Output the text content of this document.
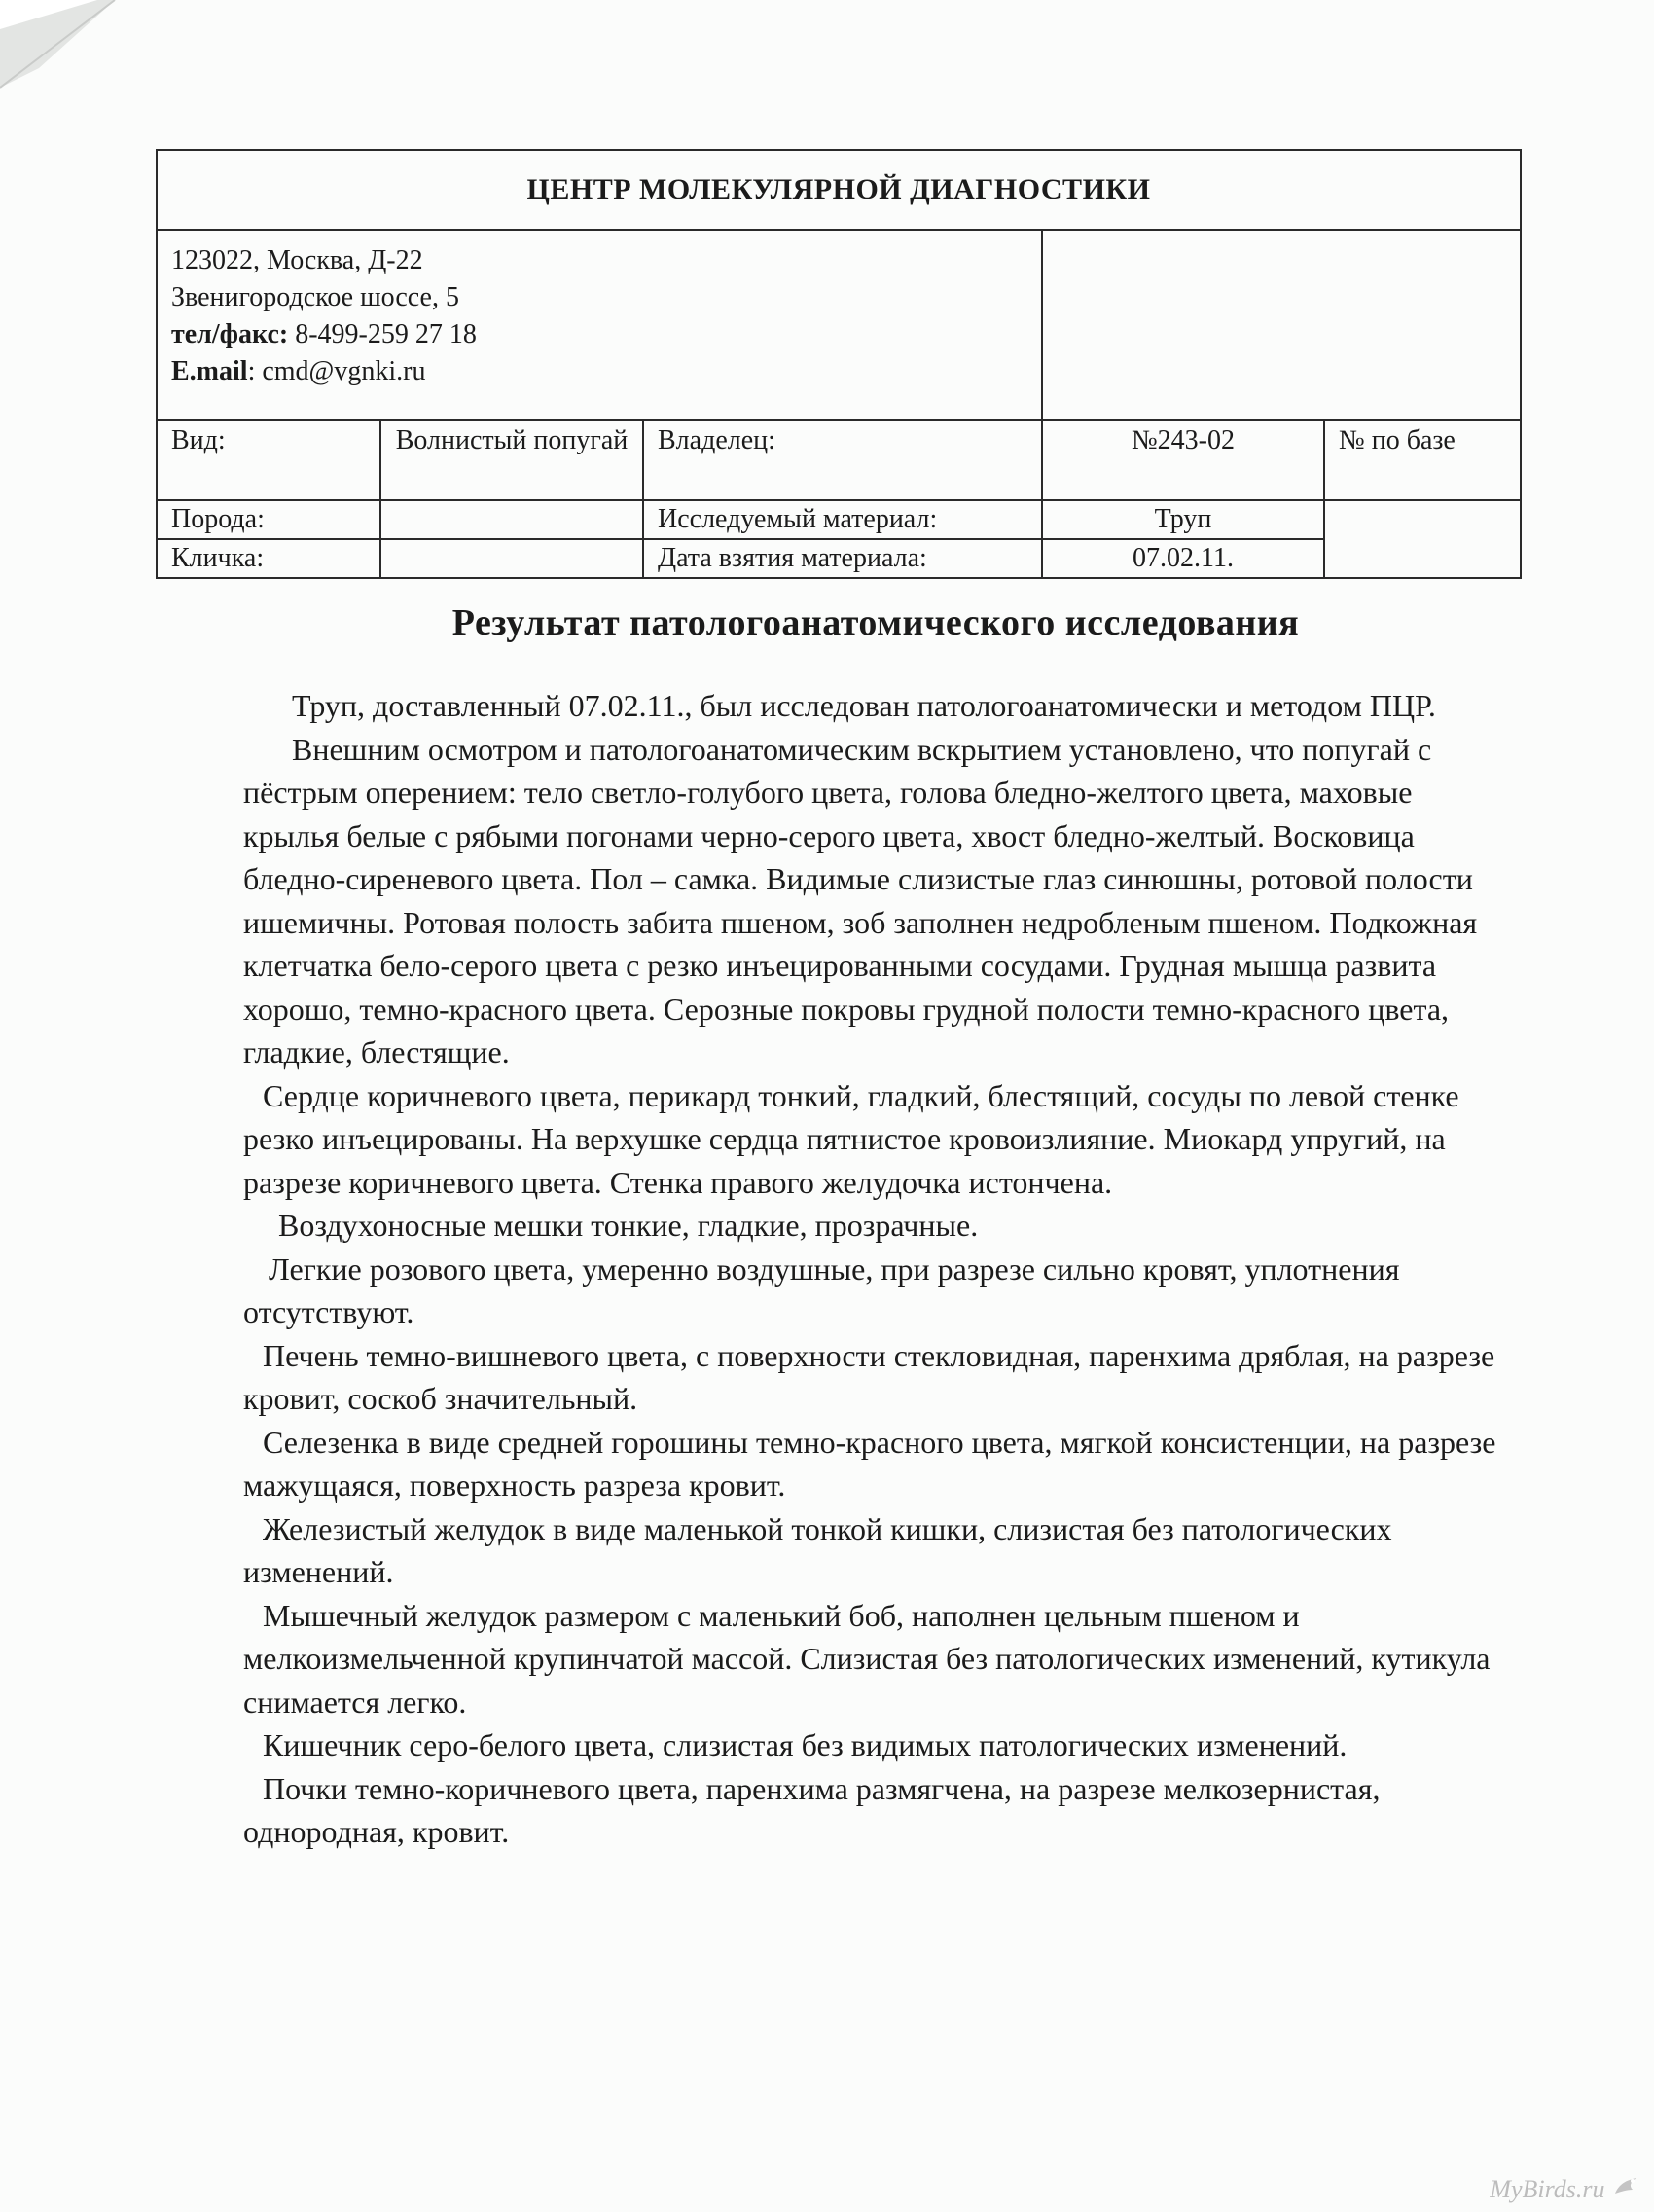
ЦЕНТР МОЛЕКУЛЯРНОЙ ДИАГНОСТИКИ				

123022, Москва, Д-22
Звенигородское шоссе, 5
тел/факс: 8-499-259 27 18
E.mail: cmd@vgnki.ru				

Вид:	Волнистый попугай	Владелец:	№243-02	№ по базе
Порода:		Исследуемый материал:	Труп	
Кличка:		Дата взятия материала:	07.02.11.	
Результат патологоанатомического исследования

Труп, доставленный 07.02.11., был исследован патологоанатомически и методом ПЦР.

Внешним осмотром и патологоанатомическим вскрытием установлено, что попугай с пёстрым оперением: тело светло-голубого цвета, голова бледно-желтого цвета, маховые крылья белые с рябыми погонами черно-серого цвета, хвост бледно-желтый. Восковица бледно-сиреневого цвета. Пол – самка. Видимые слизистые глаз синюшны, ротовой полости ишемичны. Ротовая полость забита пшеном, зоб заполнен недробленым пшеном. Подкожная клетчатка бело-серого цвета с резко инъецированными сосудами. Грудная мышца развита хорошо, темно-красного цвета. Серозные покровы грудной полости темно-красного цвета, гладкие, блестящие.

Сердце коричневого цвета, перикард тонкий, гладкий, блестящий, сосуды по левой стенке резко инъецированы. На верхушке сердца пятнистое кровоизлияние. Миокард упругий, на разрезе коричневого цвета. Стенка правого желудочка истончена.

Воздухоносные мешки тонкие, гладкие, прозрачные.

Легкие розового цвета, умеренно воздушные, при разрезе сильно кровят, уплотнения отсутствуют.

Печень темно-вишневого цвета, с поверхности стекловидная, паренхима дряблая, на разрезе кровит, соскоб значительный.

Селезенка в виде средней горошины темно-красного цвета, мягкой консистенции, на разрезе мажущаяся, поверхность разреза кровит.

Железистый желудок в виде маленькой тонкой кишки, слизистая без патологических изменений.

Мышечный желудок размером с маленький боб, наполнен цельным пшеном и мелкоизмельченной крупинчатой массой. Слизистая без патологических изменений, кутикула снимается легко.

Кишечник серо-белого цвета, слизистая без видимых патологических изменений.

Почки темно-коричневого цвета, паренхима размягчена, на разрезе мелкозернистая, однородная, кровит.

MyBirds.ru
